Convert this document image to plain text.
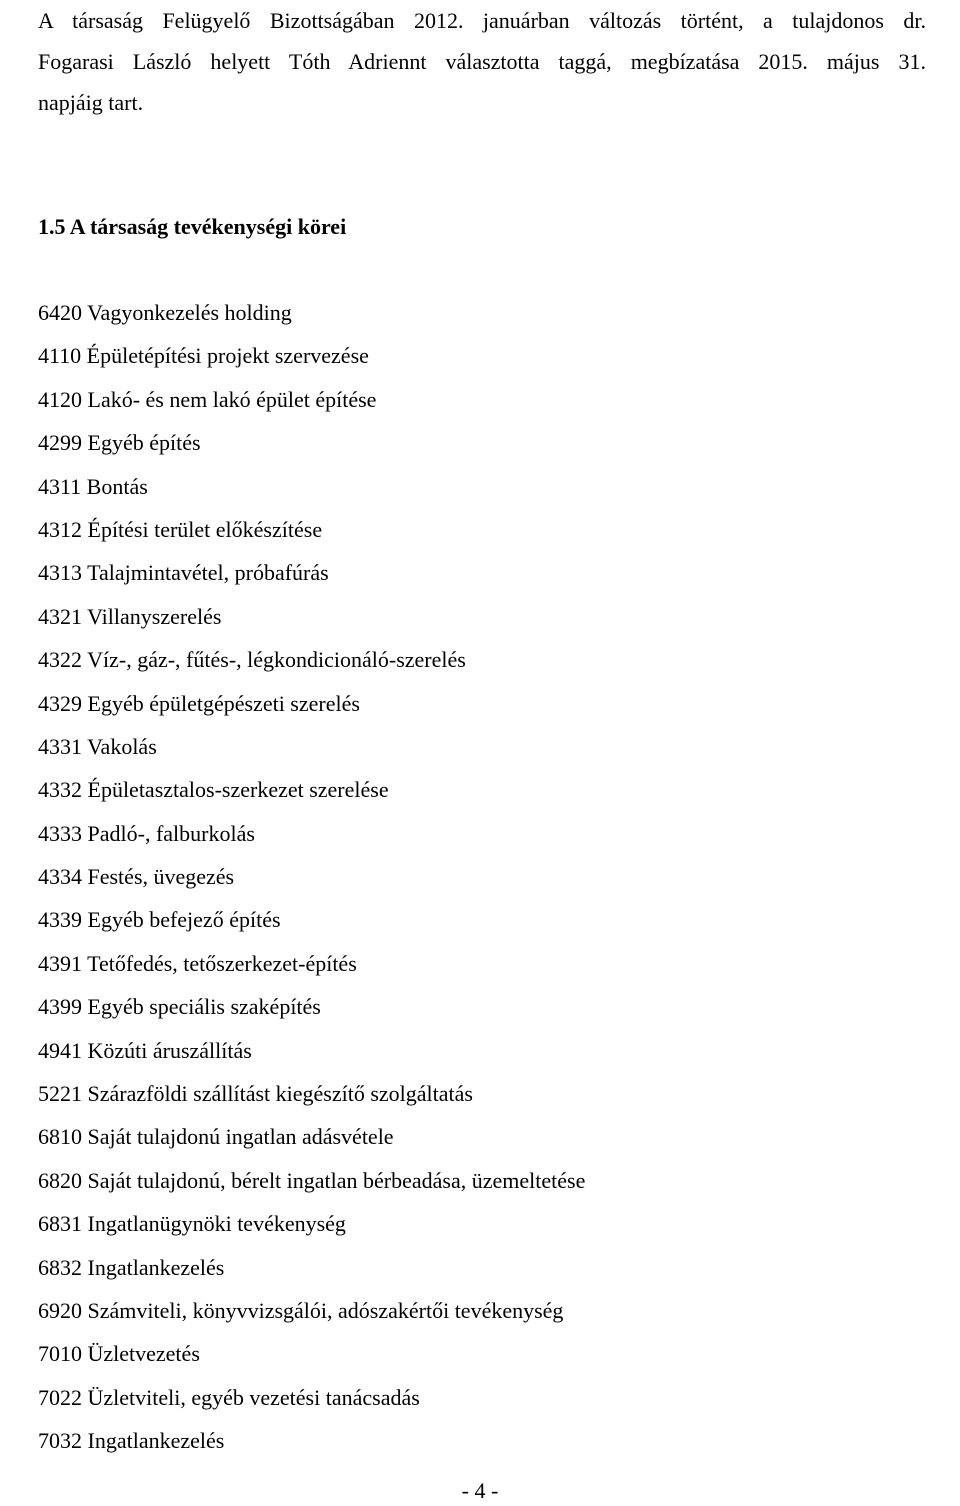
A társaság Felügyelő Bizottságában 2012. januárban változás történt, a tulajdonos dr.
Fogarasi László helyett Tóth Adriennt választotta taggá, megbízatása 2015. május 31.
napjáig tart.
1.5 A társaság tevékenységi körei
6420 Vagyonkezelés holding
4110 Épületépítési projekt szervezése
4120 Lakó- és nem lakó épület építése
4299 Egyéb építés
4311 Bontás
4312 Építési terület előkészítése
4313 Talajmintavétel, próbafúrás
4321 Villanyszerelés
4322 Víz-, gáz-, fűtés-, légkondicionáló-szerelés
4329 Egyéb épületgépészeti szerelés
4331 Vakolás
4332 Épületasztalos-szerkezet szerelése
4333 Padló-, falburkolás
4334 Festés, üvegezés
4339 Egyéb befejező építés
4391 Tetőfedés, tetőszerkezet-építés
4399 Egyéb speciális szaképítés
4941 Közúti áruszállítás
5221 Szárazföldi szállítást kiegészítő szolgáltatás
6810 Saját tulajdonú ingatlan adásvétele
6820 Saját tulajdonú, bérelt ingatlan bérbeadása, üzemeltetése
6831 Ingatlanügynöki tevékenység
6832 Ingatlankezelés
6920 Számviteli, könyvvizsgálói, adószakértői tevékenység
7010 Üzletvezetés
7022 Üzletviteli, egyéb vezetési tanácsadás
7032 Ingatlankezelés
- 4 -
